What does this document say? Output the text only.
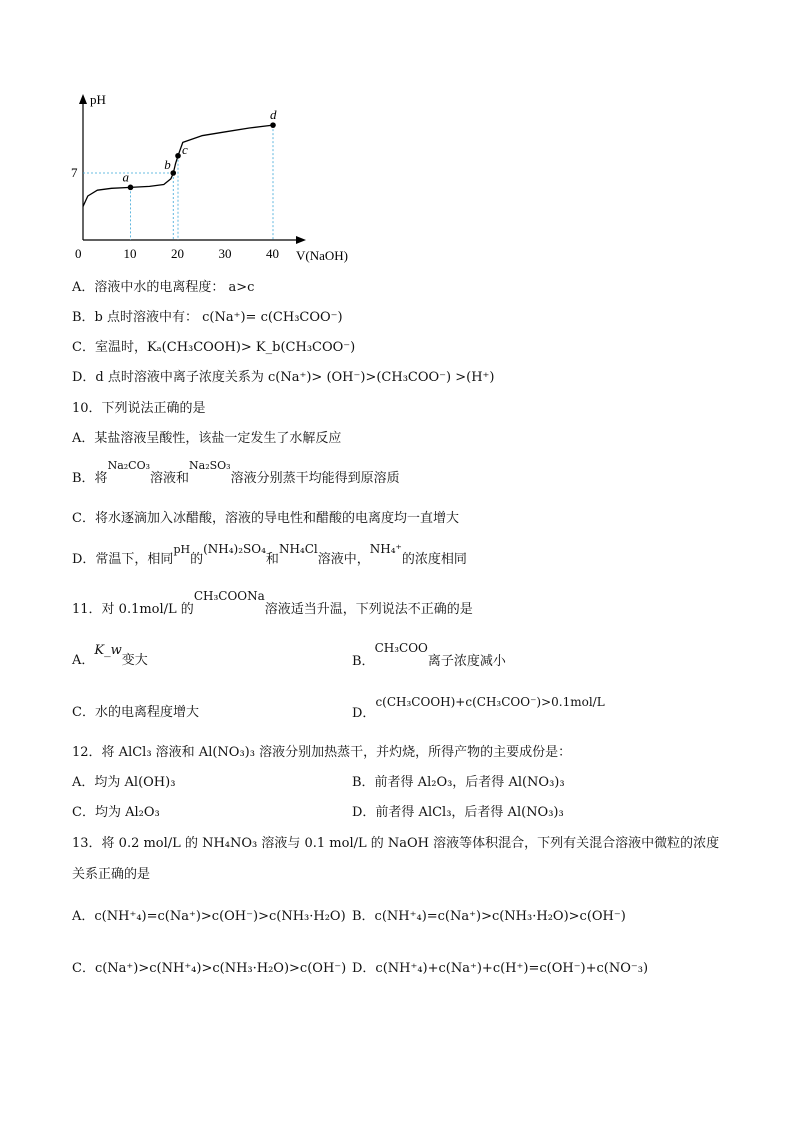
pH
V(NaOH)
0	10	20	30	40
7	a
b
c
d
A．溶液中水的电离程度： a>c
B．b 点时溶液中有： c(Na⁺)= c(CH₃COO⁻)
C．室温时，Kₐ(CH₃COOH)> K_b(CH₃COO⁻)
D．d 点时溶液中离子浓度关系为 c(Na⁺)> (OH⁻)>(CH₃COO⁻) >(H⁺)
10．下列说法正确的是
A．某盐溶液呈酸性，该盐一定发生了水解反应
B．将$^{Na_2CO_3}$溶液和$^{Na_2SO_3}$溶液分别蒸干均能得到原溶质
C．将水逐滴加入冰醋酸，溶液的导电性和醋酸的电离度均一直增大
D．常温下，相同$^{pH}$的(NH₄)₂SO₄和NH₄Cl溶液中，NH₄⁺的浓度相同
11．对 0.1mol/L 的CH₃COONa溶液适当升温，下列说法不正确的是
A．K_w变大	B．CH₃COO离子浓度减小
C．水的电离程度增大	D．c(CH₃COOH)+c(CH₃COO⁻)>0.1mol/L
12．将 AlCl₃ 溶液和 Al(NO₃)₃ 溶液分别加热蒸干，并灼烧，所得产物的主要成份是：
A．均为 Al(OH)₃	B．前者得 Al₂O₃，后者得 Al(NO₃)₃
C．均为 Al₂O₃	D．前者得 AlCl₃，后者得 Al(NO₃)₃
13．将 0.2 mol/L 的 NH₄NO₃ 溶液与 0.1 mol/L 的 NaOH 溶液等体积混合，下列有关混合溶液中微粒的浓度
关系正确的是
A．c(NH⁺₄)=c(Na⁺)>c(OH⁻)>c(NH₃·H₂O) B．c(NH⁺₄)=c(Na⁺)>c(NH₃·H₂O)>c(OH⁻)
C．c(Na⁺)>c(NH⁺₄)>c(NH₃·H₂O)>c(OH⁻) D．c(NH⁺₄)+c(Na⁺)+c(H⁺)=c(OH⁻)+c(NO⁻₃)
